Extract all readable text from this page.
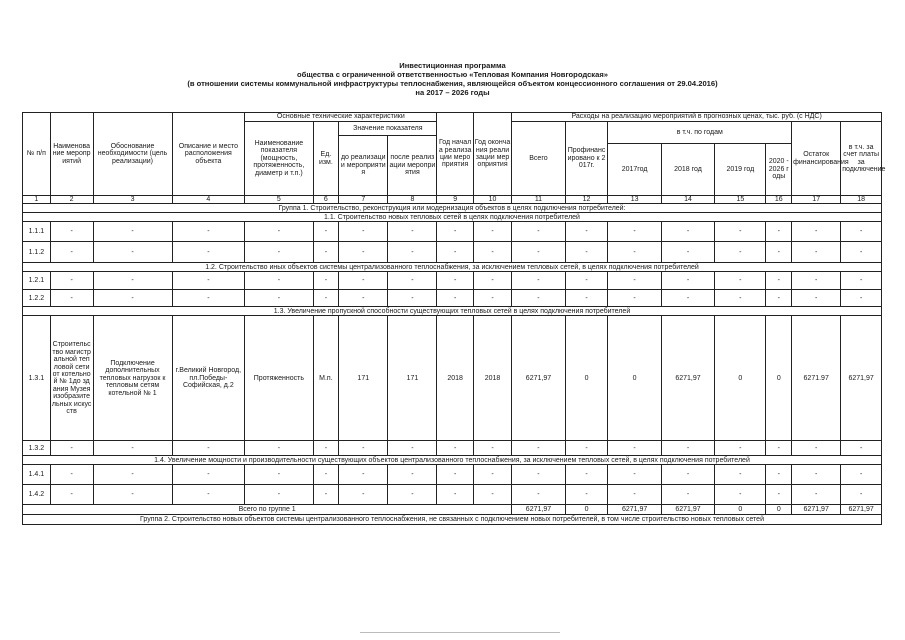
Инвестиционная программа
общества с ограниченной ответственностью «Тепловая Компания Новгородская»
(в отношении системы коммунальной инфраструктуры теплоснабжения, являющейся объектом концессионного соглашения от 29.04.2016)
на 2017 – 2026 годы
№ п/п	Наименование мероприятий	Обоснование необходимости (цель реализации)	Описание и место расположения объекта	Основные технические характеристики				Год начала реализации мероприятия	Год окончания реализации мероприятия	Расходы на реализацию мероприятий в прогнозных ценах, тыс. руб. (с НДС)							
				Наименование показателя (мощность, протяженность, диаметр и т.п.)	Ед. изм.	Значение показателя				Всего	Профинансировано к 2017г.	в т.ч. по годам				Остаток финансирования	в т.ч. за счет платы за подключение
						до реализации мероприятия	после реализации мероприятия										
												2017год	2018 год	2019 год	2020 - 2026 годы		
1	2	3	4	5	6	7	8	9	10	11	12	13	14	15	16	17	18
Группа 1. Строительство, реконструкция или модернизация объектов в целях подключения потребителей:																	
1.1. Строительство новых тепловых сетей в целях подключения потребителей																	
1.1.1	-	-	-	-	-	-	-	-	-	-	-	-	-	-	-	-	-
1.1.2	-	-	-	-	-	-	-	-	-	-	-	-	-	-	-	-	-
1.2. Строительство иных объектов системы централизованного теплоснабжения, за исключением тепловых сетей, в целях подключения потребителей																	
1.2.1	-	-	-	-	-	-	-	-	-	-	-	-	-	-	-	-	-
1.2.2	-	-	-	-	-	-	-	-	-	-	-	-	-	-	-	-	-
1.3. Увеличение пропускной способности существующих тепловых сетей в целях подключения потребителей																	
1.3.1	Строительство магистральной тепловой сети от котельной № 1до здания Музея изобразительных искусств	Подключение дополнительных тепловых нагрузок к тепловым сетям котельной № 1	г.Великий Новгород, пл.Победы-Софийская, д.2	Протяженность	М.п.	171	171	2018	2018	6271,97	0	0	6271,97	0	0	6271.97	6271,97
1.3.2	-	-	-	-	-	-	-	-	-	-	-	-	-	-	-	-	-
1.4. Увеличение мощности и производительности существующих объектов централизованного теплоснабжения, за исключением тепловых сетей, в целях подключения потребителей																	
1.4.1	-	-	-	-	-	-	-	-	-	-	-	-	-	-	-	-	-
1.4.2	-	-	-	-	-	-	-	-	-	-	-	-	-	-	-	-	-
Всего по группе 1										6271,97	0	6271,97	6271,97	0	0	6271,97	6271,97
Группа 2. Строительство новых объектов системы централизованного теплоснабжения, не связанных с подключением новых потребителей, в том числе строительство новых тепловых сетей																	
